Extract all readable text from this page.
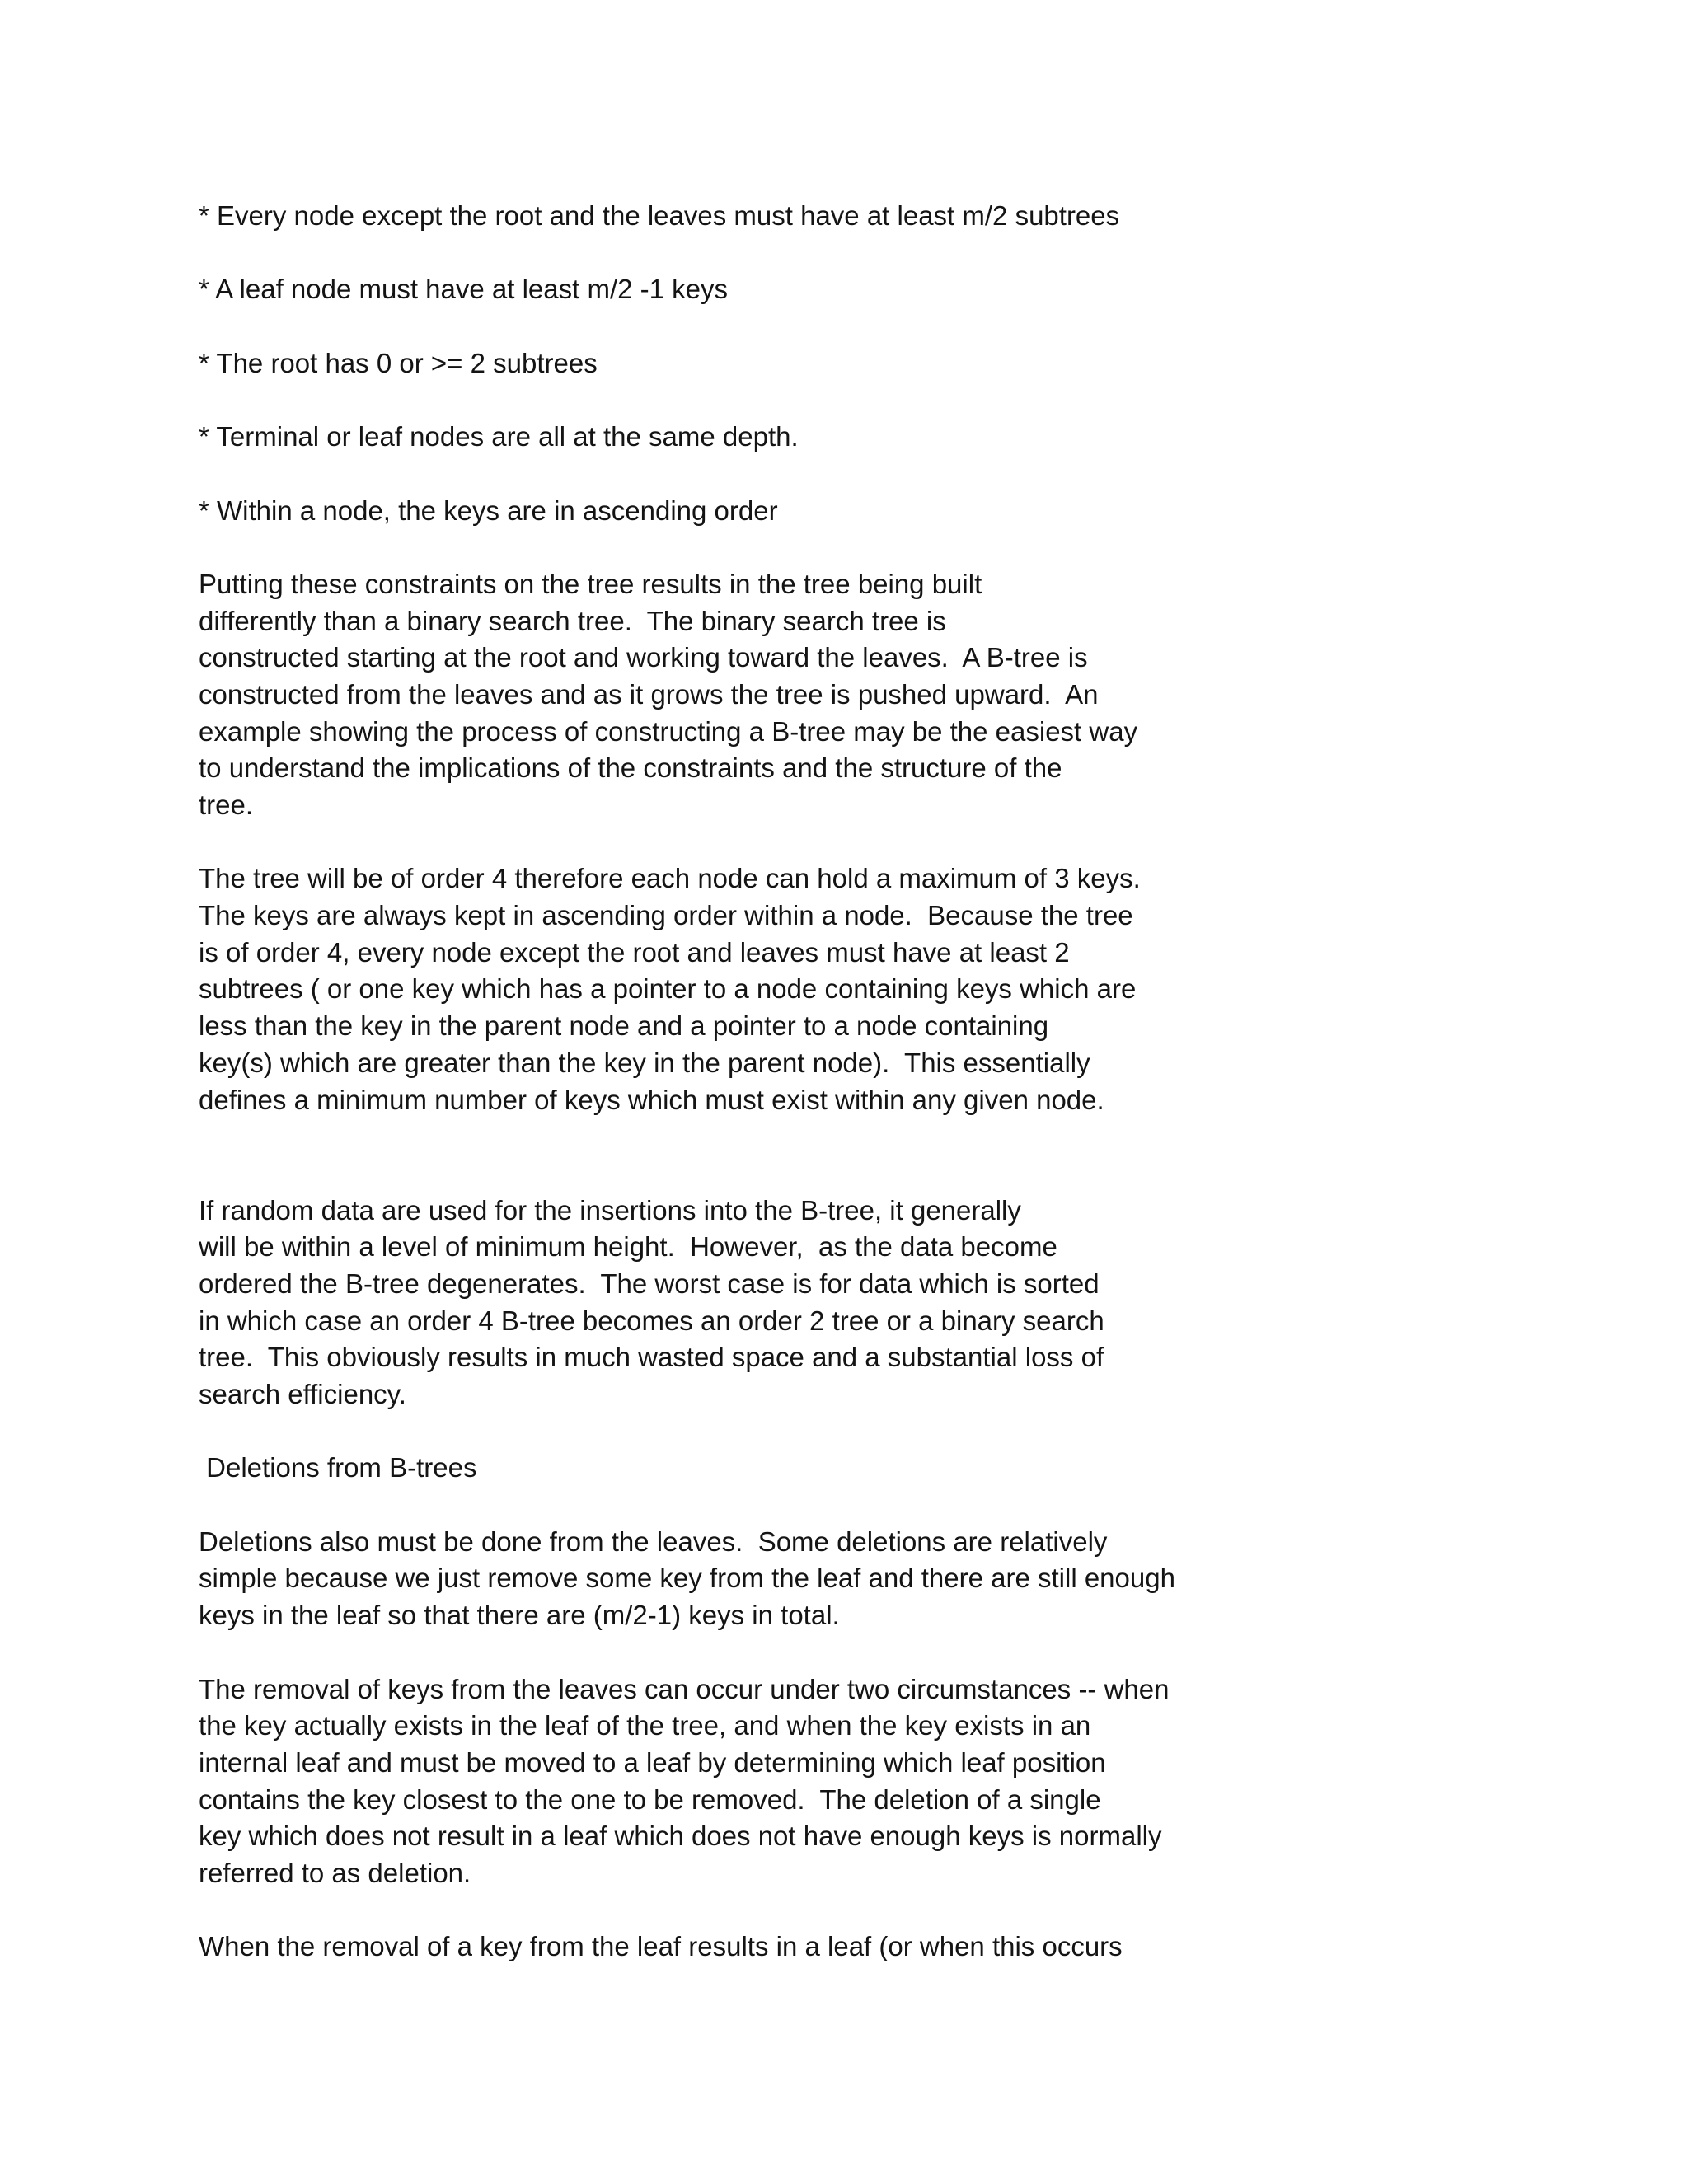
* Every node except the root and the leaves must have at least m/2 subtrees
* A leaf node must have at least m/2 -1 keys
* The root has 0 or >= 2 subtrees
* Terminal or leaf nodes are all at the same depth.
* Within a node, the keys are in ascending order
Putting these constraints on the tree results in the tree being built
differently than a binary search tree.  The binary search tree is
constructed starting at the root and working toward the leaves.  A B-tree is
constructed from the leaves and as it grows the tree is pushed upward.  An
example showing the process of constructing a B-tree may be the easiest way
to understand the implications of the constraints and the structure of the
tree.
The tree will be of order 4 therefore each node can hold a maximum of 3 keys.
The keys are always kept in ascending order within a node.  Because the tree
is of order 4, every node except the root and leaves must have at least 2
subtrees ( or one key which has a pointer to a node containing keys which are
less than the key in the parent node and a pointer to a node containing
key(s) which are greater than the key in the parent node).  This essentially
defines a minimum number of keys which must exist within any given node.
If random data are used for the insertions into the B-tree, it generally
will be within a level of minimum height.  However,  as the data become
ordered the B-tree degenerates.  The worst case is for data which is sorted
in which case an order 4 B-tree becomes an order 2 tree or a binary search
tree.  This obviously results in much wasted space and a substantial loss of
search efficiency.
Deletions from B-trees
Deletions also must be done from the leaves.  Some deletions are relatively
simple because we just remove some key from the leaf and there are still enough
keys in the leaf so that there are (m/2-1) keys in total.
The removal of keys from the leaves can occur under two circumstances -- when
the key actually exists in the leaf of the tree, and when the key exists in an
internal leaf and must be moved to a leaf by determining which leaf position
contains the key closest to the one to be removed.  The deletion of a single
key which does not result in a leaf which does not have enough keys is normally
referred to as deletion.
When the removal of a key from the leaf results in a leaf (or when this occurs
